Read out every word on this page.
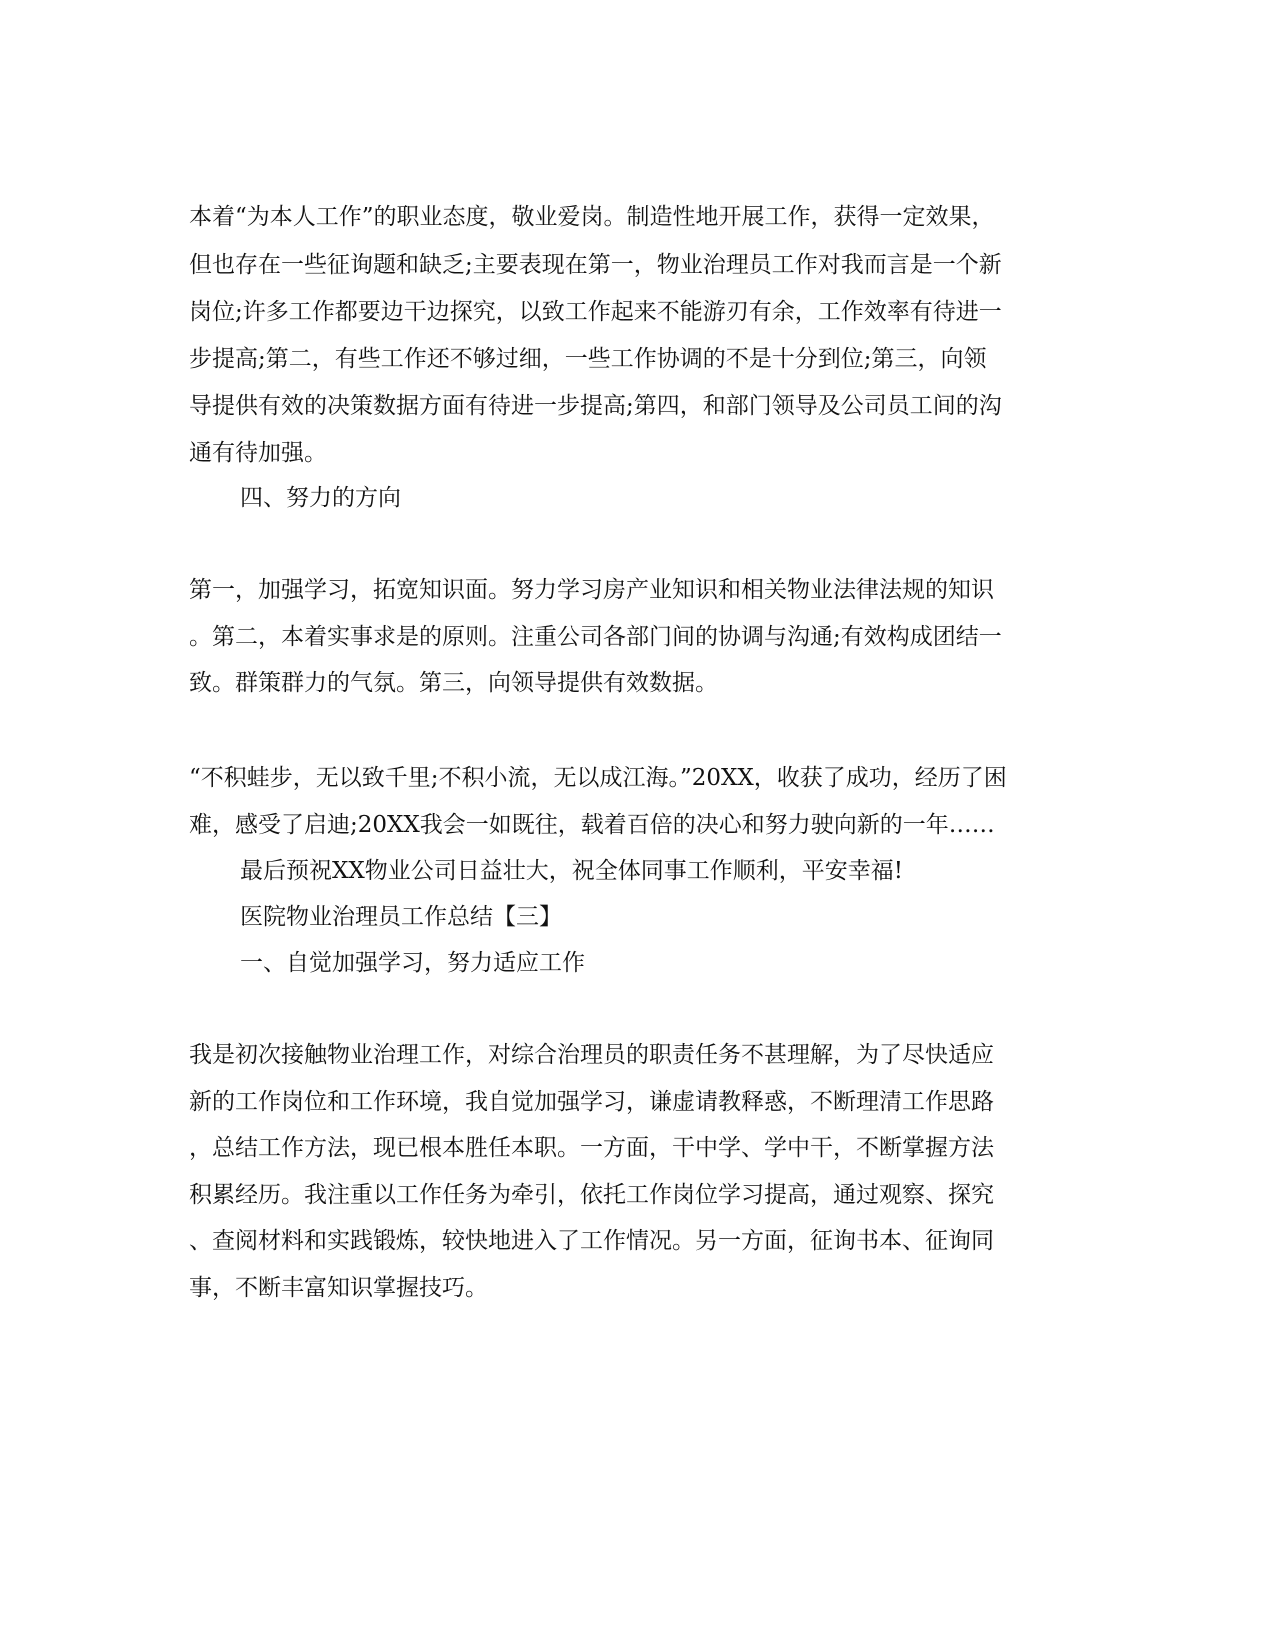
本着“为本人工作”的职业态度，敬业爱岗。制造性地开展工作，获得一定效果，
但也存在一些征询题和缺乏;主要表现在第一，物业治理员工作对我而言是一个新
岗位;许多工作都要边干边探究，以致工作起来不能游刃有余，工作效率有待进一
步提高;第二，有些工作还不够过细，一些工作协调的不是十分到位;第三，向领
导提供有效的决策数据方面有待进一步提高;第四，和部门领导及公司员工间的沟
通有待加强。
四、努力的方向
第一，加强学习，拓宽知识面。努力学习房产业知识和相关物业法律法规的知识
。第二，本着实事求是的原则。注重公司各部门间的协调与沟通;有效构成团结一
致。群策群力的气氛。第三，向领导提供有效数据。
“不积蛙步，无以致千里;不积小流，无以成江海。”20XX，收获了成功，经历了困
难，感受了启迪;20XX我会一如既往，载着百倍的决心和努力驶向新的一年……
最后预祝XX物业公司日益壮大，祝全体同事工作顺利，平安幸福!
医院物业治理员工作总结【三】
一、自觉加强学习，努力适应工作
我是初次接触物业治理工作，对综合治理员的职责任务不甚理解，为了尽快适应
新的工作岗位和工作环境，我自觉加强学习，谦虚请教释惑，不断理清工作思路
，总结工作方法，现已根本胜任本职。一方面，干中学、学中干，不断掌握方法
积累经历。我注重以工作任务为牵引，依托工作岗位学习提高，通过观察、探究
、查阅材料和实践锻炼，较快地进入了工作情况。另一方面，征询书本、征询同
事，不断丰富知识掌握技巧。
